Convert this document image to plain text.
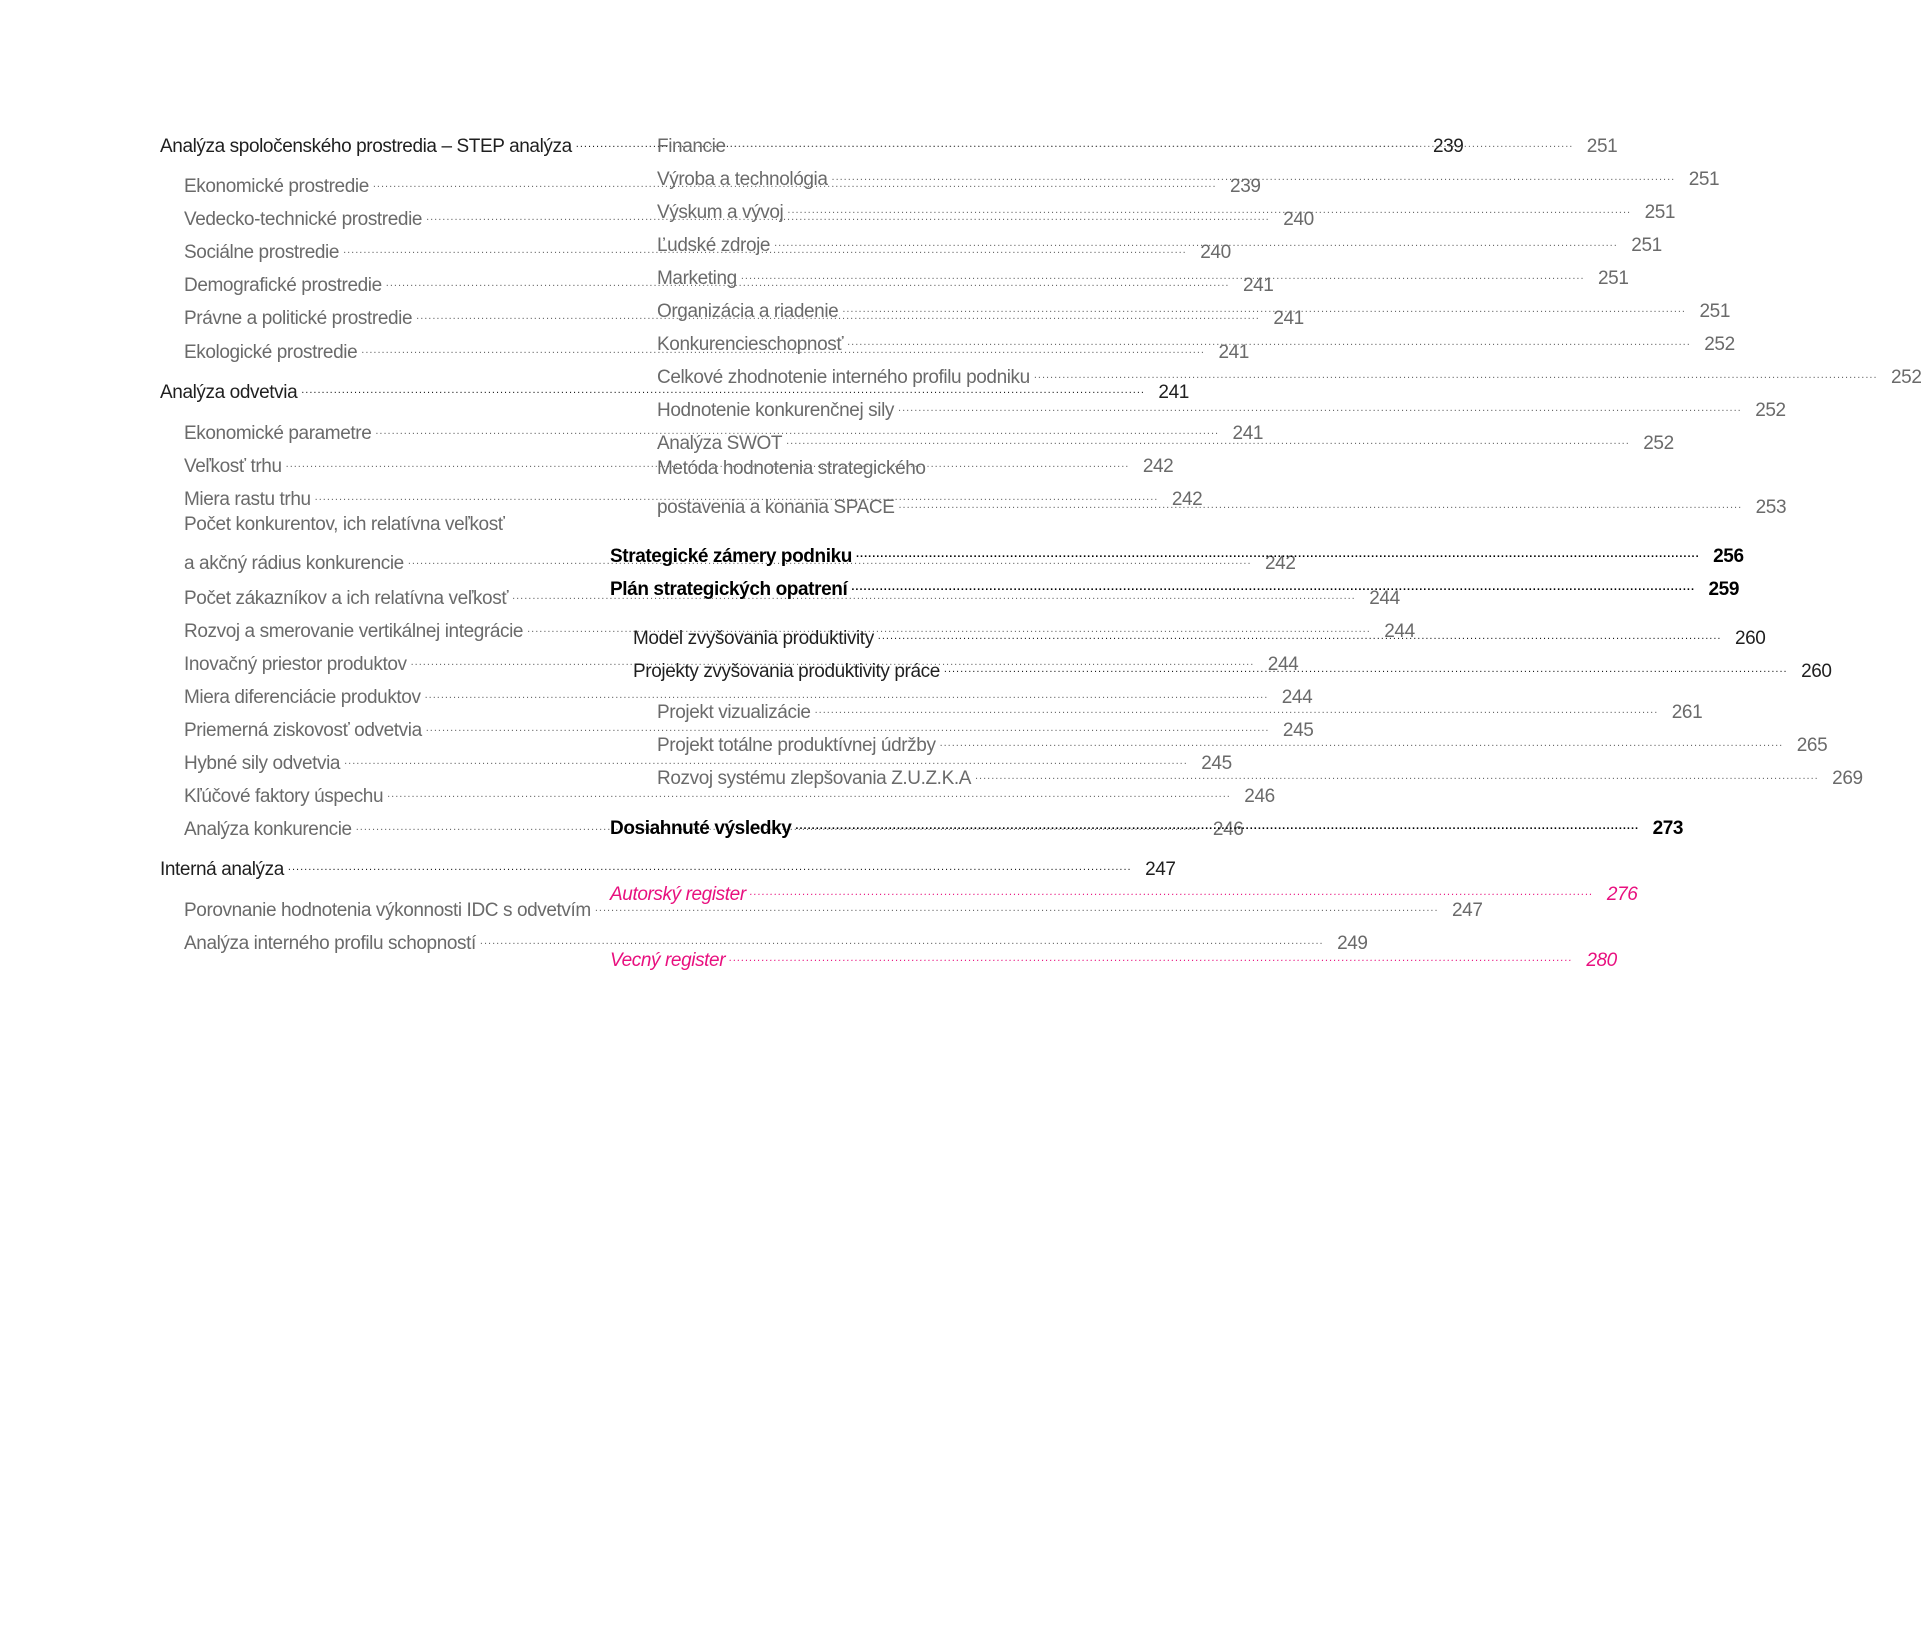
Analýza spoločenského prostredia – STEP analýza .....	239
Ekonomické prostredie .....	239
Vedecko-technické prostredie .....	240
Sociálne prostredie .....	240
Demografické prostredie .....	241
Právne a politické prostredie .....	241
Ekologické prostredie .....	241
Analýza odvetvia .....	241
Ekonomické parametre .....	241
Veľkosť trhu .....	242
Miera rastu trhu .....	242
Počet konkurentov, ich relatívna veľkosť
a akčný rádius konkurencie .....	242
Počet zákazníkov a ich relatívna veľkosť .....	244
Rozvoj a smerovanie vertikálnej integrácie .....	244
Inovačný priestor produktov .....	244
Miera diferenciácie produktov .....	244
Priemerná ziskovosť odvetvia .....	245
Hybné sily odvetvia .....	245
Kľúčové faktory úspechu .....	246
Analýza konkurencie .....	246
Interná analýza .....	247
Porovnanie hodnotenia výkonnosti IDC s odvetvím .....	247
Analýza interného profilu schopností .....	249
Financie .....	251
Výroba a technológia .....	251
Výskum a vývoj .....	251
Ľudské zdroje .....	251
Marketing .....	251
Organizácia a riadenie .....	251
Konkurencieschopnosť .....	252
Celkové zhodnotenie interného profilu podniku .....	252
Hodnotenie konkurenčnej sily .....	252
Analýza SWOT .....	252
Metóda hodnotenia strategického
postavenia a konania SPACE .....	253
Strategické zámery podniku .....	256
Plán strategických opatrení .....	259
Model zvyšovania produktivity .....	260
Projekty zvyšovania produktivity práce .....	260
Projekt vizualizácie .....	261
Projekt totálne produktívnej údržby .....	265
Rozvoj systému zlepšovania Z.U.Z.K.A .....	269
Dosiahnuté výsledky .....	273
Autorský register .....	276
Vecný register .....	280
